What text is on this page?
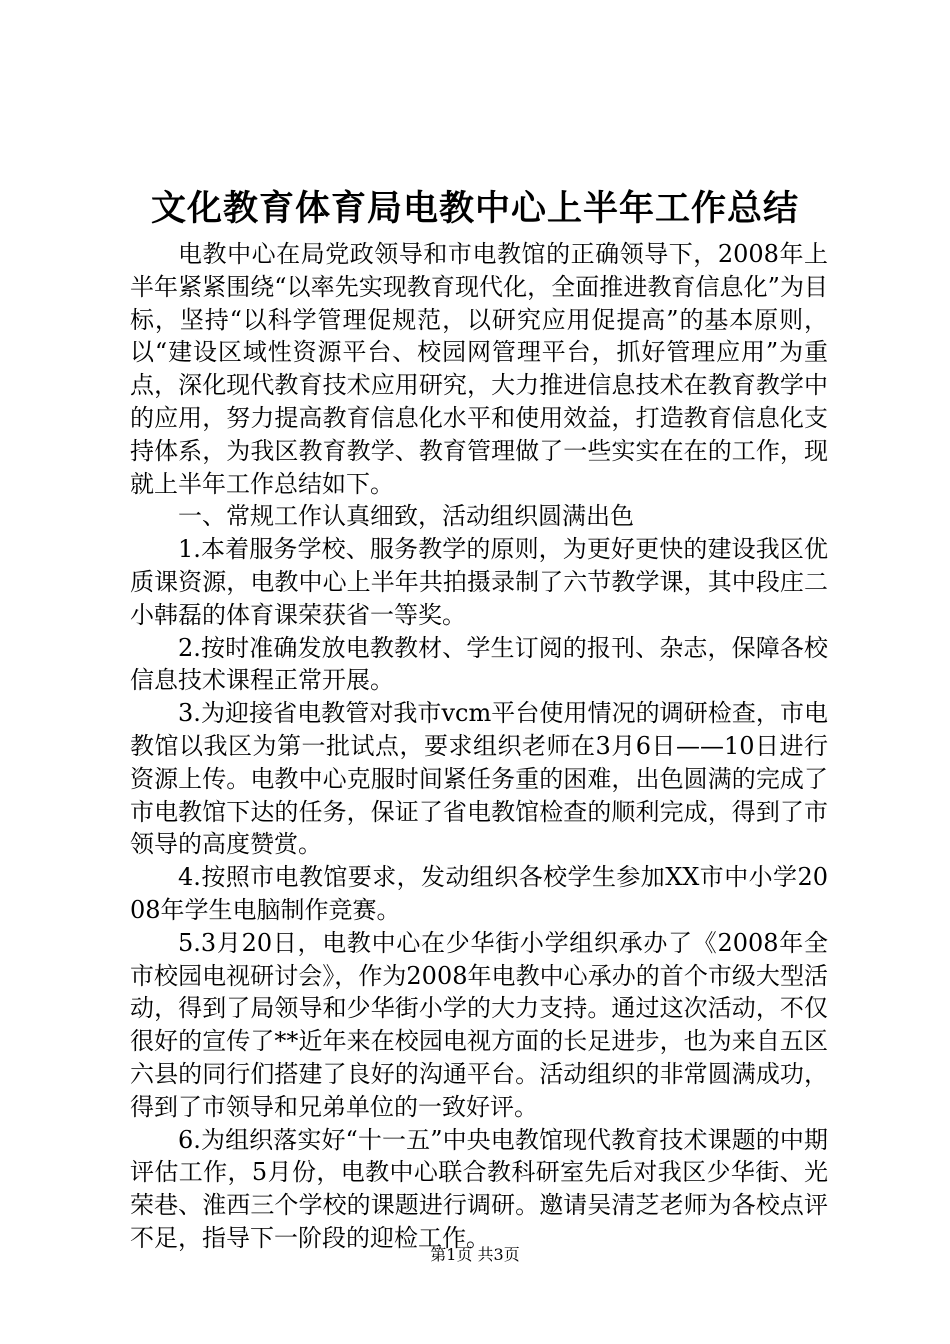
文化教育体育局电教中心上半年工作总结

电教中心在局党政领导和市电教馆的正确领导下，2008年上半年紧紧围绕“以率先实现教育现代化，全面推进教育信息化”为目标，坚持“以科学管理促规范，以研究应用促提高”的基本原则，以“建设区域性资源平台、校园网管理平台，抓好管理应用”为重点，深化现代教育技术应用研究，大力推进信息技术在教育教学中的应用，努力提高教育信息化水平和使用效益，打造教育信息化支持体系，为我区教育教学、教育管理做了一些实实在在的工作，现就上半年工作总结如下。

一、常规工作认真细致，活动组织圆满出色

1.本着服务学校、服务教学的原则，为更好更快的建设我区优质课资源，电教中心上半年共拍摄录制了六节教学课，其中段庄二小韩磊的体育课荣获省一等奖。

2.按时准确发放电教教材、学生订阅的报刊、杂志，保障各校信息技术课程正常开展。

3.为迎接省电教管对我市vcm平台使用情况的调研检查，市电教馆以我区为第一批试点，要求组织老师在3月6日——10日进行资源上传。电教中心克服时间紧任务重的困难，出色圆满的完成了市电教馆下达的任务，保证了省电教馆检查的顺利完成，得到了市领导的高度赞赏。

4.按照市电教馆要求，发动组织各校学生参加XX市中小学2008年学生电脑制作竞赛。

5.3月20日，电教中心在少华街小学组织承办了《2008年全市校园电视研讨会》，作为2008年电教中心承办的首个市级大型活动，得到了局领导和少华街小学的大力支持。通过这次活动，不仅很好的宣传了**近年来在校园电视方面的长足进步，也为来自五区六县的同行们搭建了良好的沟通平台。活动组织的非常圆满成功，得到了市领导和兄弟单位的一致好评。

6.为组织落实好“十一五”中央电教馆现代教育技术课题的中期评估工作，5月份，电教中心联合教科研室先后对我区少华街、光荣巷、淮西三个学校的课题进行调研。邀请吴清芝老师为各校点评不足，指导下一阶段的迎检工作。

第1页 共3页
